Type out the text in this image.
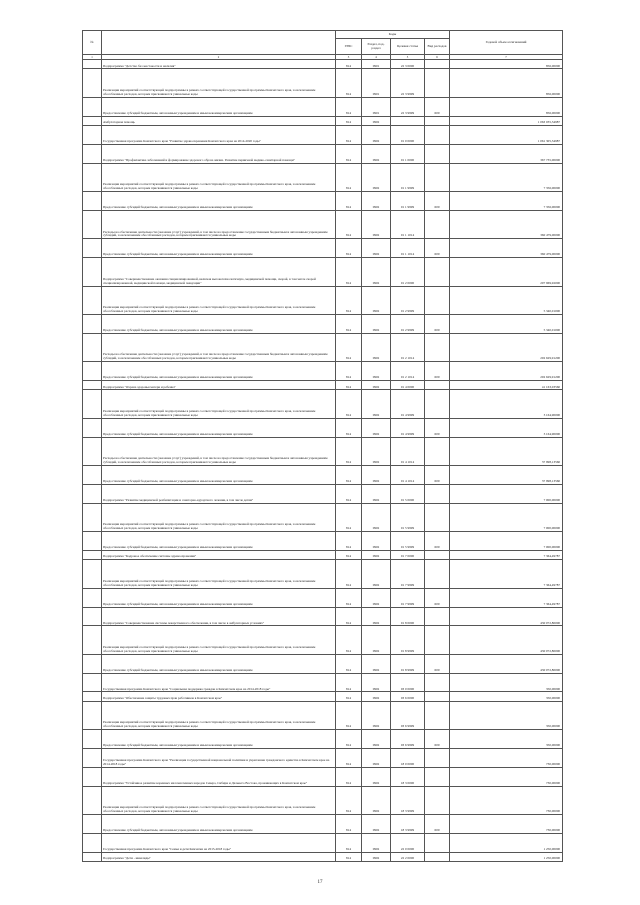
№		Коды				Годовой объем ассигнований
		ГРБС	Раздел, под-раздел	Целевая статья	Вид расходов	
1	2	3	4	5	6	7
	Подпрограмма "Детство без жестокости и насилия"	814	0901	22 3 0000		856,00000
	Реализация мероприятий соответствующей подпрограммы в рамках соответствующей государственной программы Камчатского края, за исключением обособленных расходов, которым присваиваются уникальные коды	814	0901	22 3 9999		856,00000
	Предоставление субсидий бюджетным, автономным учреждениям и иным некоммерческим организациям	814	0901	22 3 9999	600	856,00000
	Амбулаторная помощь	814	0902			1 063 035,34987
	Государственная программа Камчатского края "Развитие здравоохранения Камчатского края на 2014-2020 годы"	814	0902	01 0 0000		1 061 305,34987
	Подпрограмма "Профилактика заболеваний и формирование здорового образа жизни. Развитие первичной медико-санитарной помощи"	814	0902	01 1 0000		367 735,00000
	Реализация мероприятий соответствующей подпрограммы в рамках соответствующей государственной программы Камчатского края, за исключением обособленных расходов, которым присваиваются уникальные коды	814	0902	01 1 9999		7 356,00000
	Предоставление субсидий бюджетным, автономным учреждениям и иным некоммерческим организациям	814	0902	01 1 9999	600	7 356,00000
	Расходы на обеспечение деятельности (оказание услуг) учреждений, в том числе на предоставление государственным бюджетным и автономным учреждениям субсидий, за исключением обособленных расходов, которым присваиваются уникальные коды	814	0902	01 1 1014		360 479,00000
	Предоставление субсидий бюджетным, автономным учреждениям и иным некоммерческим организациям	814	0902	01 1 1014	600	360 479,00000
	Подпрограмма "Совершенствование оказания специализированной, включая высокотехнологичную, медицинской помощи, скорой, в том числе скорой специализированной, медицинской помощи, медицинской эвакуации"	814	0902	01 2 0000		207 969,92000
	Реализация мероприятий соответствующей подпрограммы в рамках соответствующей государственной программы Камчатского края, за исключением обособленных расходов, которым присваиваются уникальные коды	814	0902	01 2 9999		5 340,01000
	Предоставление субсидий бюджетным, автономным учреждениям и иным некоммерческим организациям	814	0902	01 2 9999	600	5 340,01000
	Расходы на обеспечение деятельности (оказание услуг) учреждений, в том числе на предоставление государственным бюджетным и автономным учреждениям субсидий, за исключением обособленных расходов, которым присваиваются уникальные коды	814	0902	01 2 1014		202 629,91200
	Предоставление субсидий бюджетным, автономным учреждениям и иным некоммерческим организациям	814	0902	01 2 1014	600	202 629,91200
	Подпрограмма "Охрана здоровья матери и ребенка"	814	0902	01 4 0000		41 163,03560
	Реализация мероприятий соответствующей подпрограммы в рамках соответствующей государственной программы Камчатского края, за исключением обособленных расходов, которым присваиваются уникальные коды	814	0902	01 4 9999		3 164,90000
	Предоставление субсидий бюджетным, автономным учреждениям и иным некоммерческим организациям	814	0902	01 4 9999	600	3 164,90000
	Расходы на обеспечение деятельности (оказание услуг) учреждений, в том числе на предоставление государственным бюджетным и автономным учреждениям субсидий, за исключением обособленных расходов, которым присваиваются уникальные коды	814	0902	01 4 1014		37 998,13560
	Предоставление субсидий бюджетным, автономным учреждениям и иным некоммерческим организациям	814	0902	01 4 1014	600	37 998,13560
	Подпрограмма "Развитие медицинской реабилитации и санаторно-курортного лечения, в том числе детям"	814	0902	01 5 0000		7 000,00000
	Реализация мероприятий соответствующей подпрограммы в рамках соответствующей государственной программы Камчатского края, за исключением обособленных расходов, которым присваиваются уникальные коды	814	0902	01 5 9999		7 000,00000
	Предоставление субсидий бюджетным, автономным учреждениям и иным некоммерческим организациям	814	0902	01 5 9999	600	7 000,00000
	Подпрограмма "Кадровое обеспечение системы здравоохранения"	814	0902	01 7 0000		7 364,49787
	Реализация мероприятий соответствующей подпрограммы в рамках соответствующей государственной программы Камчатского края, за исключением обособленных расходов, которым присваиваются уникальные коды	814	0902	01 7 9999		7 364,49787
	Предоставление субсидий бюджетным, автономным учреждениям и иным некоммерческим организациям	814	0902	01 7 9999	600	7 364,49787
	Подпрограмма "Совершенствование системы лекарственного обеспечения, в том числе в амбулаторных условиях"	814	0902	01 8 0000		430 072,80000
	Реализация мероприятий соответствующей подпрограммы в рамках соответствующей государственной программы Камчатского края, за исключением обособленных расходов, которым присваиваются уникальные коды	814	0902	01 8 9999		430 072,80000
	Предоставление субсидий бюджетным, автономным учреждениям и иным некоммерческим организациям	814	0902	01 8 9999	600	430 072,80000
	Государственная программа Камчатского края "Социальная поддержка граждан в Камчатском крае на 2014-2018 годы"	814	0902	03 0 0000		350,00000
	Подпрограмма "Обеспечение защиты трудовых прав работников в Камчатском крае"	814	0902	03 6 0000		350,00000
	Реализация мероприятий соответствующей подпрограммы в рамках соответствующей государственной программы Камчатского края, за исключением обособленных расходов, которым присваиваются уникальные коды	814	0902	03 6 9999		350,00000
	Предоставление субсидий бюджетным, автономным учреждениям и иным некоммерческим организациям	814	0902	03 6 9999	600	350,00000
	Государственная программа Камчатского края "Реализация государственной национальной политики и укрепление гражданского единства в Камчатском крае на 2014-2018 годы"	814	0902	18 0 0000		730,00000
	Подпрограмма "Устойчивое развитие коренных малочисленных народов Севера, Сибири и Дальнего Востока, проживающих в Камчатском крае"	814	0902	18 3 0000		730,00000
	Реализация мероприятий соответствующей подпрограммы в рамках соответствующей государственной программы Камчатского края, за исключением обособленных расходов, которым присваиваются уникальные коды	814	0902	18 3 9999		730,00000
	Предоставление субсидий бюджетным, автономным учреждениям и иным некоммерческим организациям	814	0902	18 3 9999	600	730,00000
	Государственная программа Камчатского края "Семья и дети Камчатки на 2015-2018 годы"	814	0902	22 0 0000		1 250,00000
	Подпрограмма "Дети - инвалиды"	814	0902	22 2 0000		1 250,00000
17
